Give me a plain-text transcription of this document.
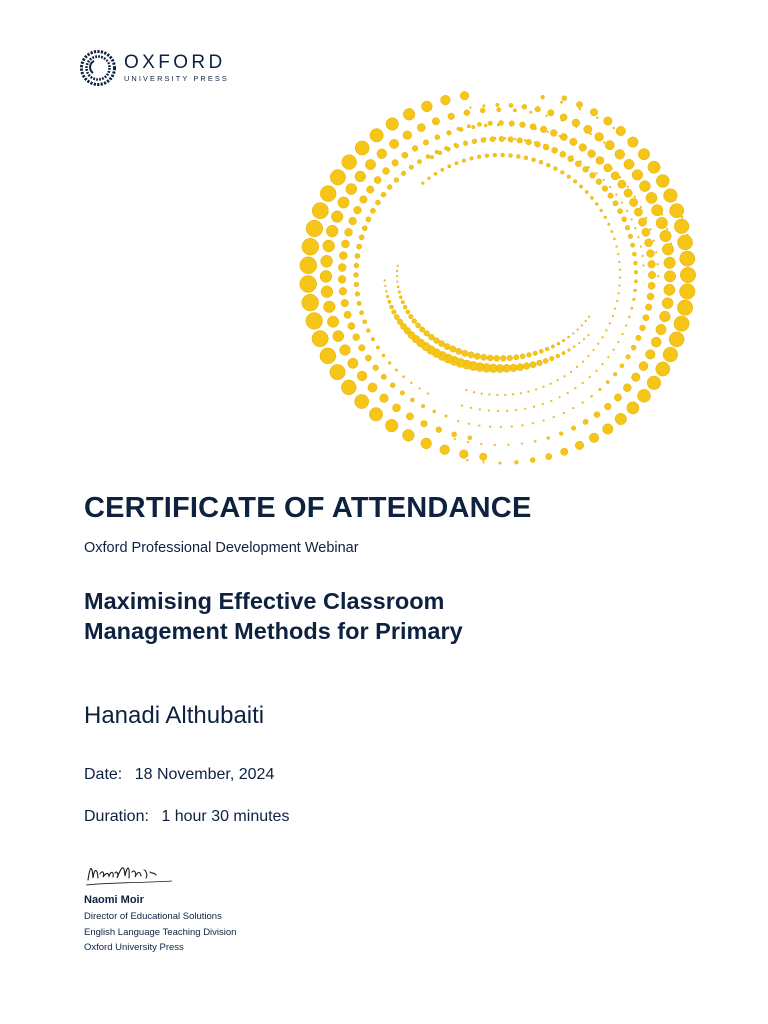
OXFORD
UNIVERSITY PRESS
CERTIFICATE OF ATTENDANCE
Oxford Professional Development Webinar
Maximising Effective Classroom
Management Methods for Primary
Hanadi Althubaiti
Date: 18 November, 2024
Duration: 1 hour 30 minutes
Naomi Moir
Director of Educational Solutions
English Language Teaching Division
Oxford University Press
